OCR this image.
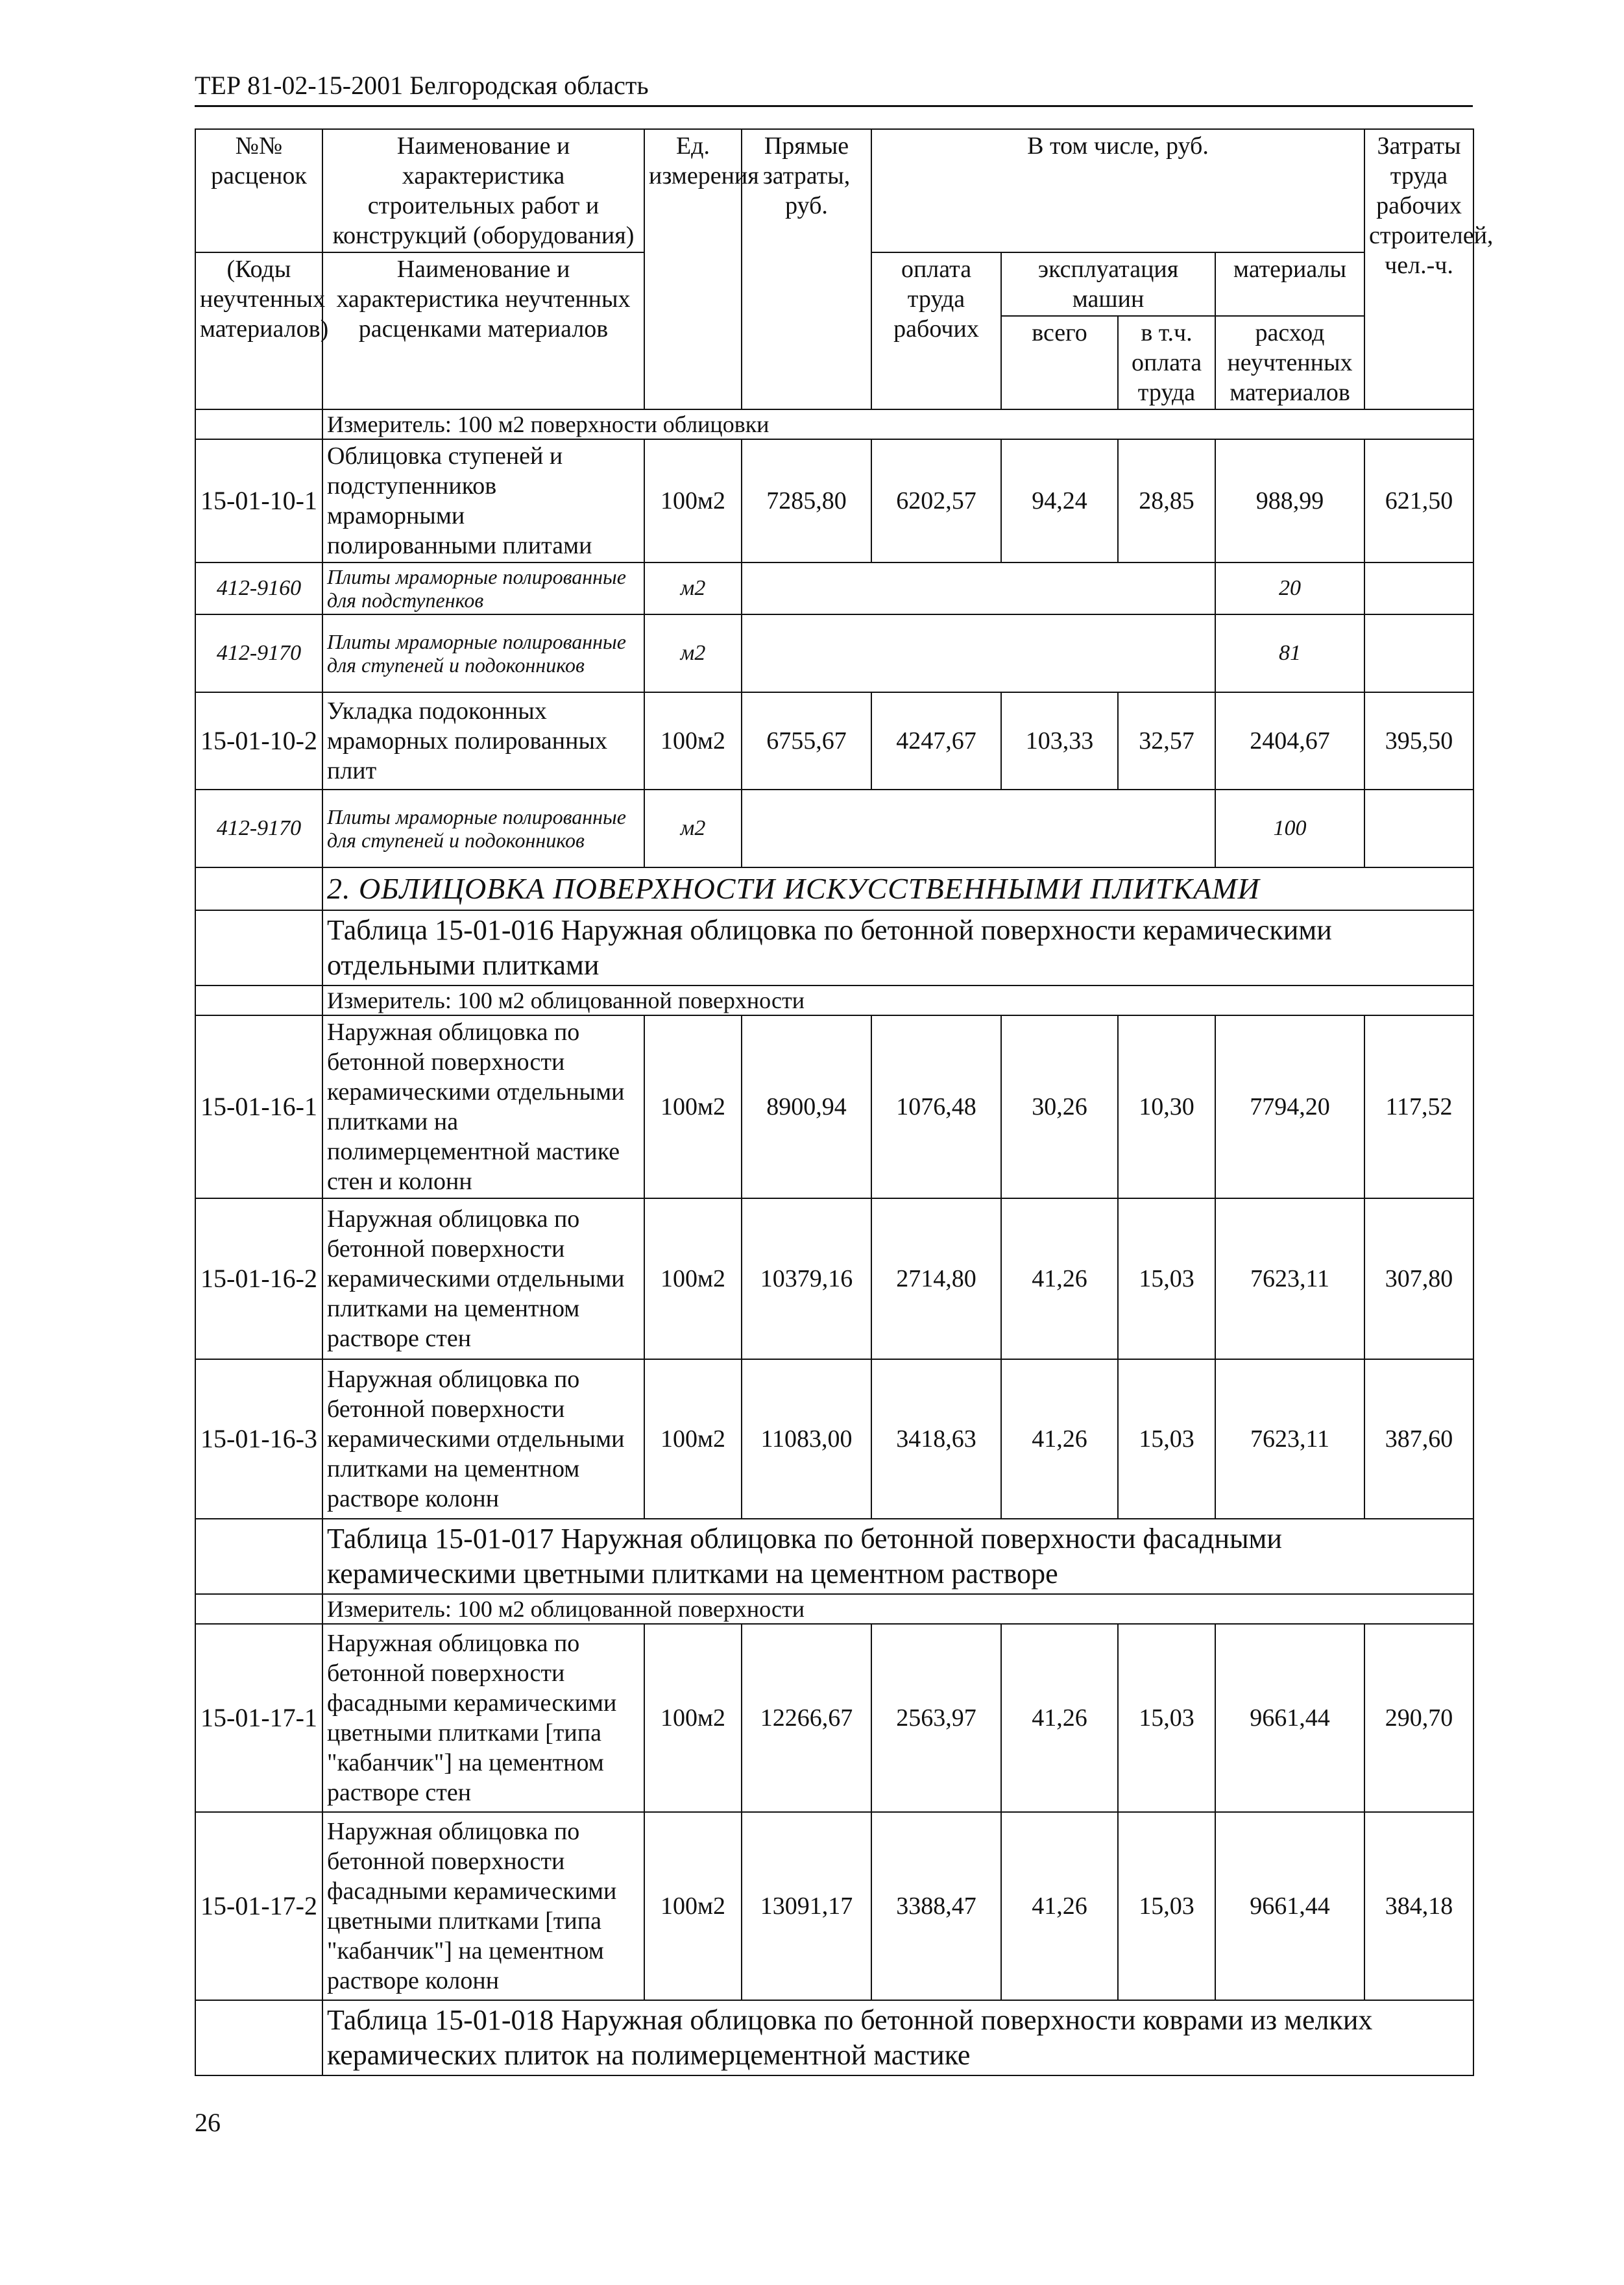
ТЕР 81-02-15-2001 Белгородская область
№№ расценок	Наименование и характеристика строительных работ и конструкций (оборудования)	Ед. измерения	Прямые затраты, руб.	В том числе, руб.				Затраты труда рабочих строителей, чел.-ч.
(Коды неучтенных материалов)	Наименование и характеристика неучтенных расценками материалов			оплата труда рабочих	эксплуатация машин		материалы	
					всего	в т.ч. оплата труда	расход неучтенных материалов	
	Измеритель: 100 м2 поверхности облицовки							
15-01-10-1	Облицовка ступеней и подступенников мраморными полированными плитами	100м2	7285,80	6202,57	94,24	28,85	988,99	621,50
412-9160	Плиты мраморные полированные для подступенков	м2					20	
412-9170	Плиты мраморные полированные для ступеней и подоконников	м2					81	
15-01-10-2	Укладка подоконных мраморных полированных плит	100м2	6755,67	4247,67	103,33	32,57	2404,67	395,50
412-9170	Плиты мраморные полированные для ступеней и подоконников	м2					100	
	2. ОБЛИЦОВКА ПОВЕРХНОСТИ ИСКУССТВЕННЫМИ ПЛИТКАМИ							
	Таблица 15-01-016 Наружная облицовка по бетонной поверхности керамическими отдельными плитками							
	Измеритель: 100 м2 облицованной поверхности							
15-01-16-1	Наружная облицовка по бетонной поверхности керамическими отдельными плитками на полимерцементной мастике стен и колонн	100м2	8900,94	1076,48	30,26	10,30	7794,20	117,52
15-01-16-2	Наружная облицовка по бетонной поверхности керамическими отдельными плитками на цементном растворе стен	100м2	10379,16	2714,80	41,26	15,03	7623,11	307,80
15-01-16-3	Наружная облицовка по бетонной поверхности керамическими отдельными плитками на цементном растворе колонн	100м2	11083,00	3418,63	41,26	15,03	7623,11	387,60
	Таблица 15-01-017 Наружная облицовка по бетонной поверхности фасадными керамическими цветными плитками на цементном растворе							
	Измеритель: 100 м2 облицованной поверхности							
15-01-17-1	Наружная облицовка по бетонной поверхности фасадными керамическими цветными плитками [типа "кабанчик"] на цементном растворе стен	100м2	12266,67	2563,97	41,26	15,03	9661,44	290,70
15-01-17-2	Наружная облицовка по бетонной поверхности фасадными керамическими цветными плитками [типа "кабанчик"] на цементном растворе колонн	100м2	13091,17	3388,47	41,26	15,03	9661,44	384,18
	Таблица 15-01-018 Наружная облицовка по бетонной поверхности коврами из мелких керамических плиток на полимерцементной мастике							
26
